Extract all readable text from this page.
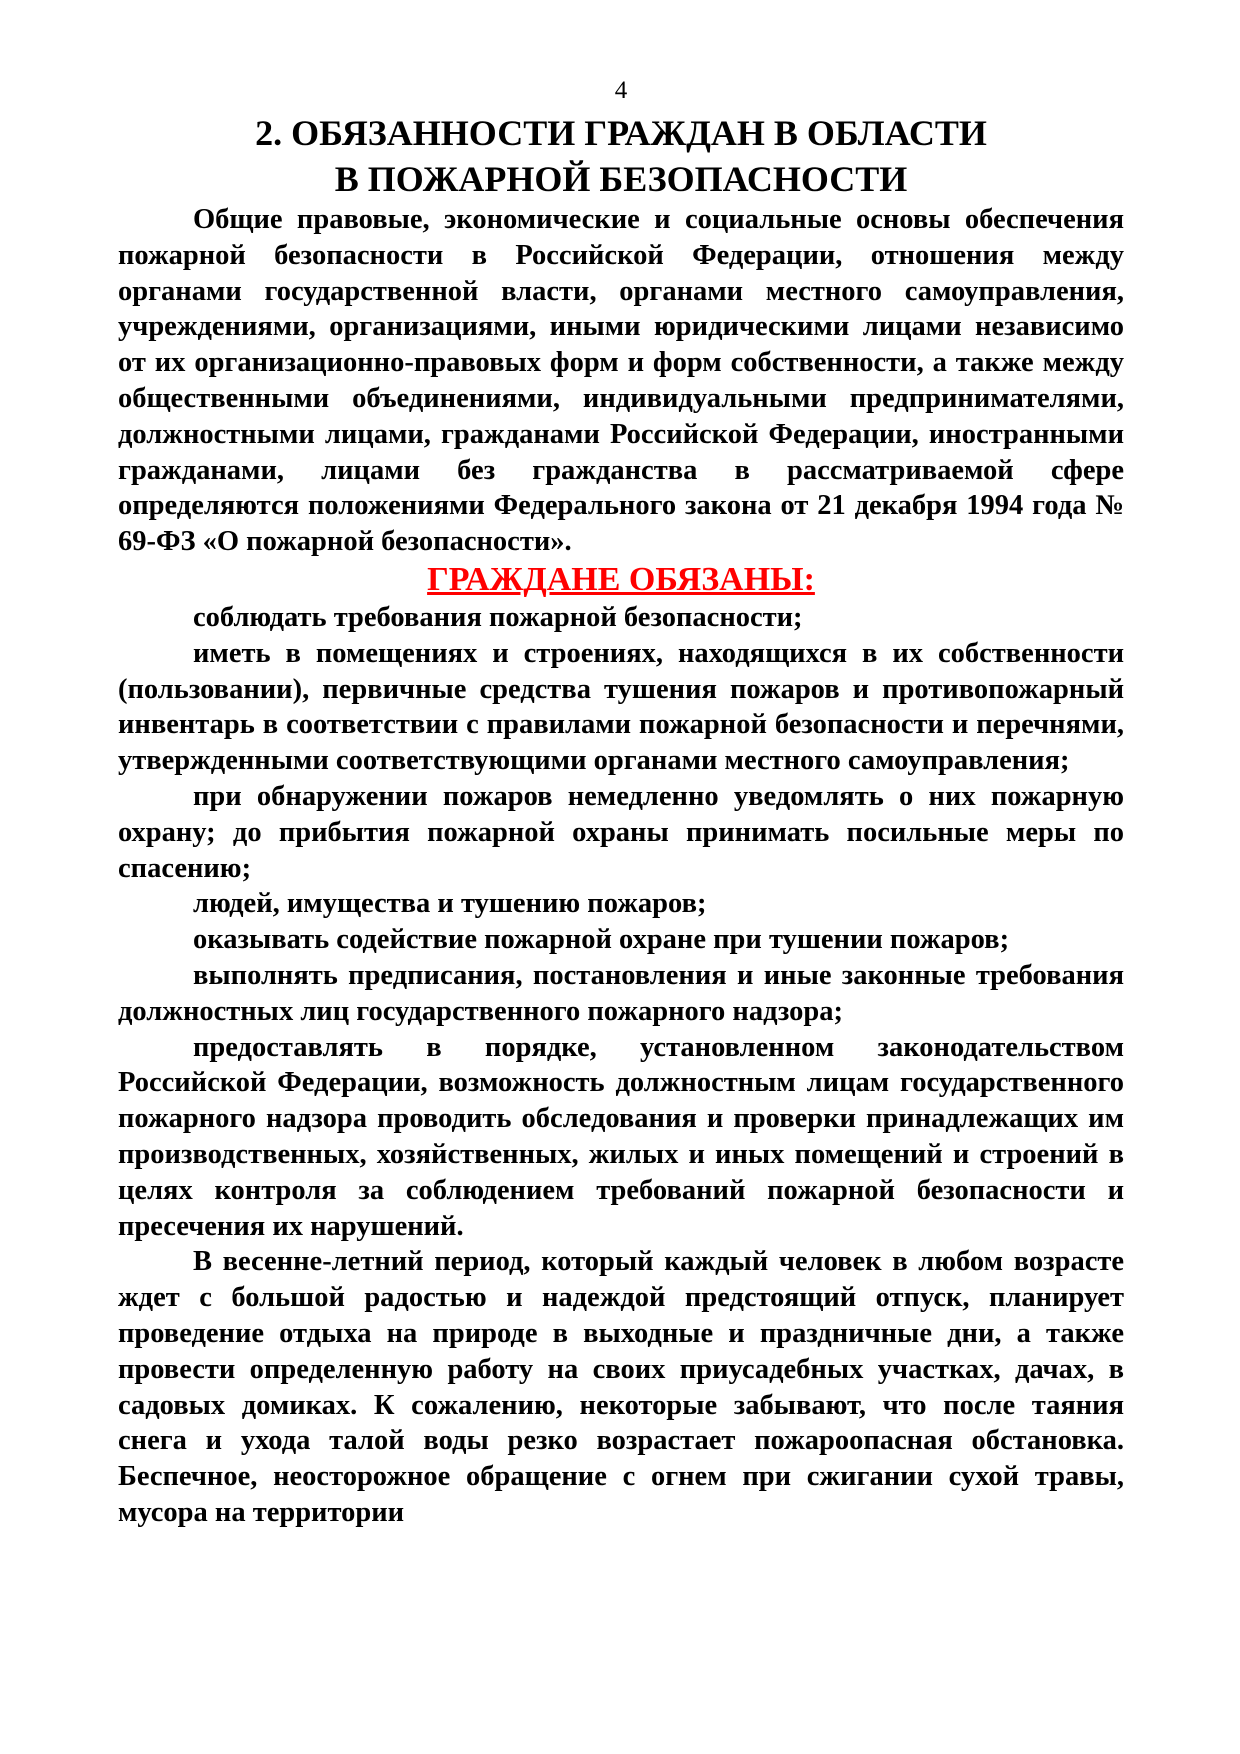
4
2. ОБЯЗАННОСТИ ГРАЖДАН В ОБЛАСТИ
В ПОЖАРНОЙ БЕЗОПАСНОСТИ

Общие правовые, экономические и социальные основы обеспечения пожарной безопасности в Российской Федерации, отношения между органами государственной власти, органами местного самоуправления, учреждениями, организациями, иными юридическими лицами независимо от их организационно-правовых форм и форм собственности, а также между общественными объединениями, индивидуальными предпринимателями, должностными лицами, гражданами Российской Федерации, иностранными гражданами, лицами без гражданства в рассматриваемой сфере определяются положениями Федерального закона от 21 декабря 1994 года № 69-ФЗ «О пожарной безопасности».

ГРАЖДАНЕ ОБЯЗАНЫ:

соблюдать требования пожарной безопасности;

иметь в помещениях и строениях, находящихся в их собственности (пользовании), первичные средства тушения пожаров и противопожарный инвентарь в соответствии с правилами пожарной безопасности и перечнями, утвержденными соответствующими органами местного самоуправления;

при обнаружении пожаров немедленно уведомлять о них пожарную охрану; до прибытия пожарной охраны принимать посильные меры по спасению;

людей, имущества и тушению пожаров;

оказывать содействие пожарной охране при тушении пожаров;

выполнять предписания, постановления и иные законные требования должностных лиц государственного пожарного надзора;

предоставлять в порядке, установленном законодательством Российской Федерации, возможность должностным лицам государственного пожарного надзора проводить обследования и проверки принадлежащих им производственных, хозяйственных, жилых и иных помещений и строений в целях контроля за соблюдением требований пожарной безопасности и пресечения их нарушений.

В весенне-летний период, который каждый человек в любом возрасте ждет с большой радостью и надеждой предстоящий отпуск, планирует проведение отдыха на природе в выходные и праздничные дни, а также провести определенную работу на своих приусадебных участках, дачах, в садовых домиках. К сожалению, некоторые забывают, что после таяния снега и ухода талой воды резко возрастает пожароопасная обстановка. Беспечное, неосторожное обращение с огнем при сжигании сухой травы, мусора на территории
